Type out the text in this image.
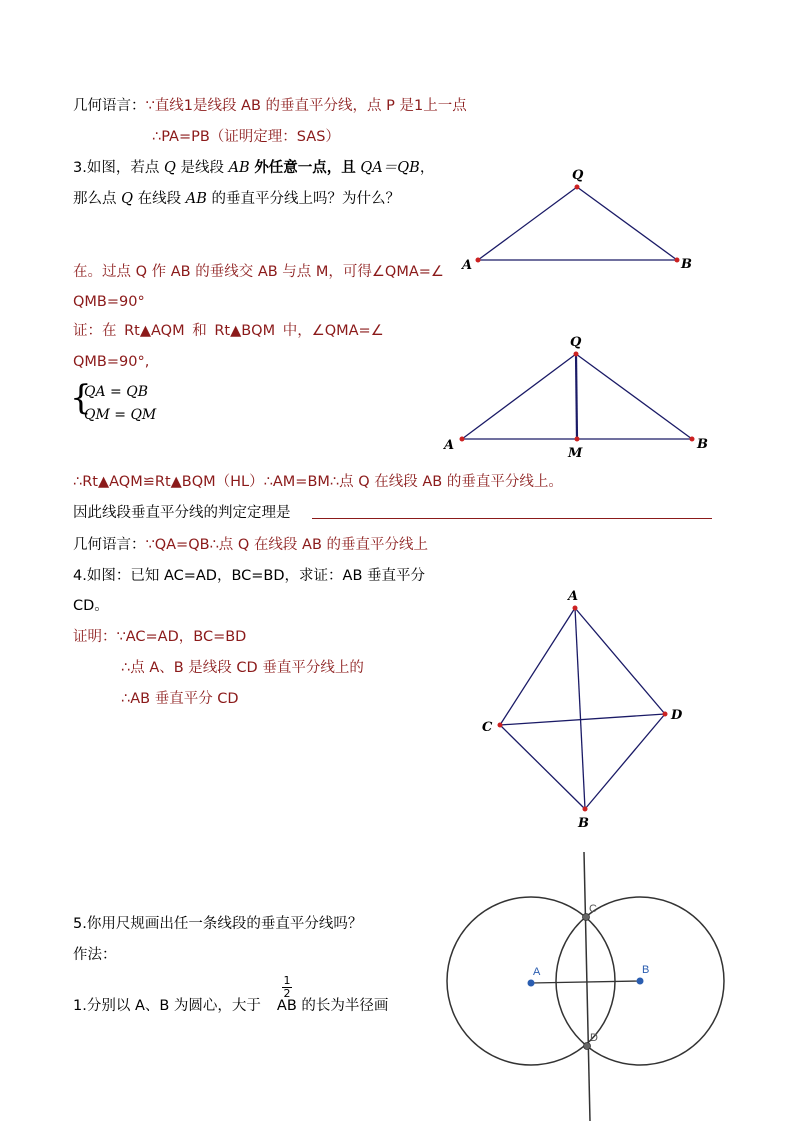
几何语言：∵直线1是线段 AB 的垂直平分线，点 P 是1上一点
∴PA=PB（证明定理：SAS）
3.如图，若点 Q 是线段 AB 外任意一点，且 QA＝QB，
那么点 Q 在线段 AB 的垂直平分线上吗？为什么？
在。过点 Q 作 AB 的垂线交 AB 与点 M，可得∠QMA=∠
QMB=90°
证：在 Rt▲AQM 和 Rt▲BQM 中，∠QMA=∠
QMB=90°,
{
QA = QB
QM = QM
∴Rt▲AQM≌Rt▲BQM（HL）∴AM=BM∴点 Q 在线段 AB 的垂直平分线上。
因此线段垂直平分线的判定定理是
几何语言：∵QA=QB∴点 Q 在线段 AB 的垂直平分线上
4.如图：已知 AC=AD，BC=BD，求证：AB 垂直平分
CD。
证明：∵AC=AD，BC=BD
∴点 A、B 是线段 CD 垂直平分线上的
∴AB 垂直平分 CD
5.你用尺规画出任一条线段的垂直平分线吗？
作法：
1.分别以 A、B 为圆心，大于 AB 的长为半径画
$\frac{1}{2}$
Q
A	B
Q
A	B
M
A
C
D
B
C
D
A	B
